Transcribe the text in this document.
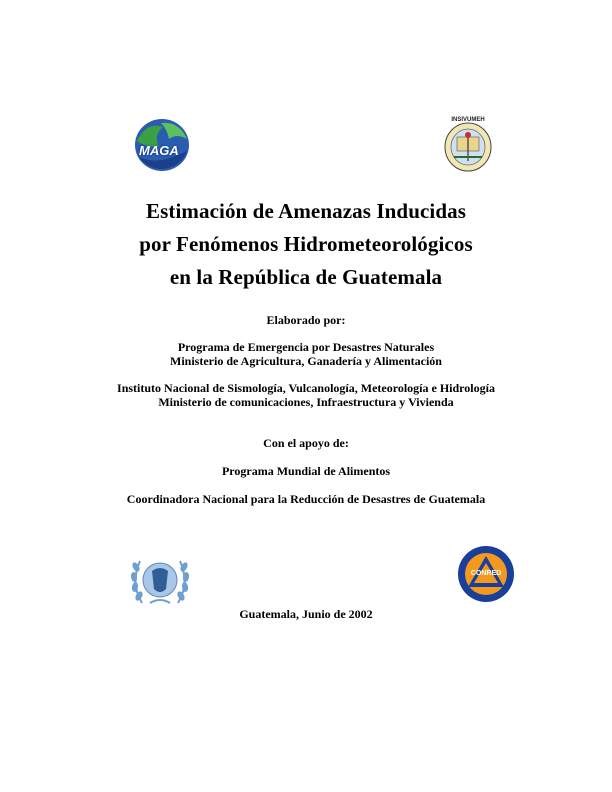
MAGA
INSIVUMEH
Estimación de Amenazas Inducidas
por Fenómenos Hidrometeorológicos
en la República de Guatemala
Elaborado por:
Programa de Emergencia por Desastres Naturales
Ministerio de Agricultura, Ganadería y Alimentación
Instituto Nacional de Sismología, Vulcanología, Meteorología e Hidrología
Ministerio de comunicaciones, Infraestructura y Vivienda
Con el apoyo de:
Programa Mundial de Alimentos
Coordinadora Nacional para la Reducción de Desastres de Guatemala
CONRED
Guatemala, Junio de 2002
